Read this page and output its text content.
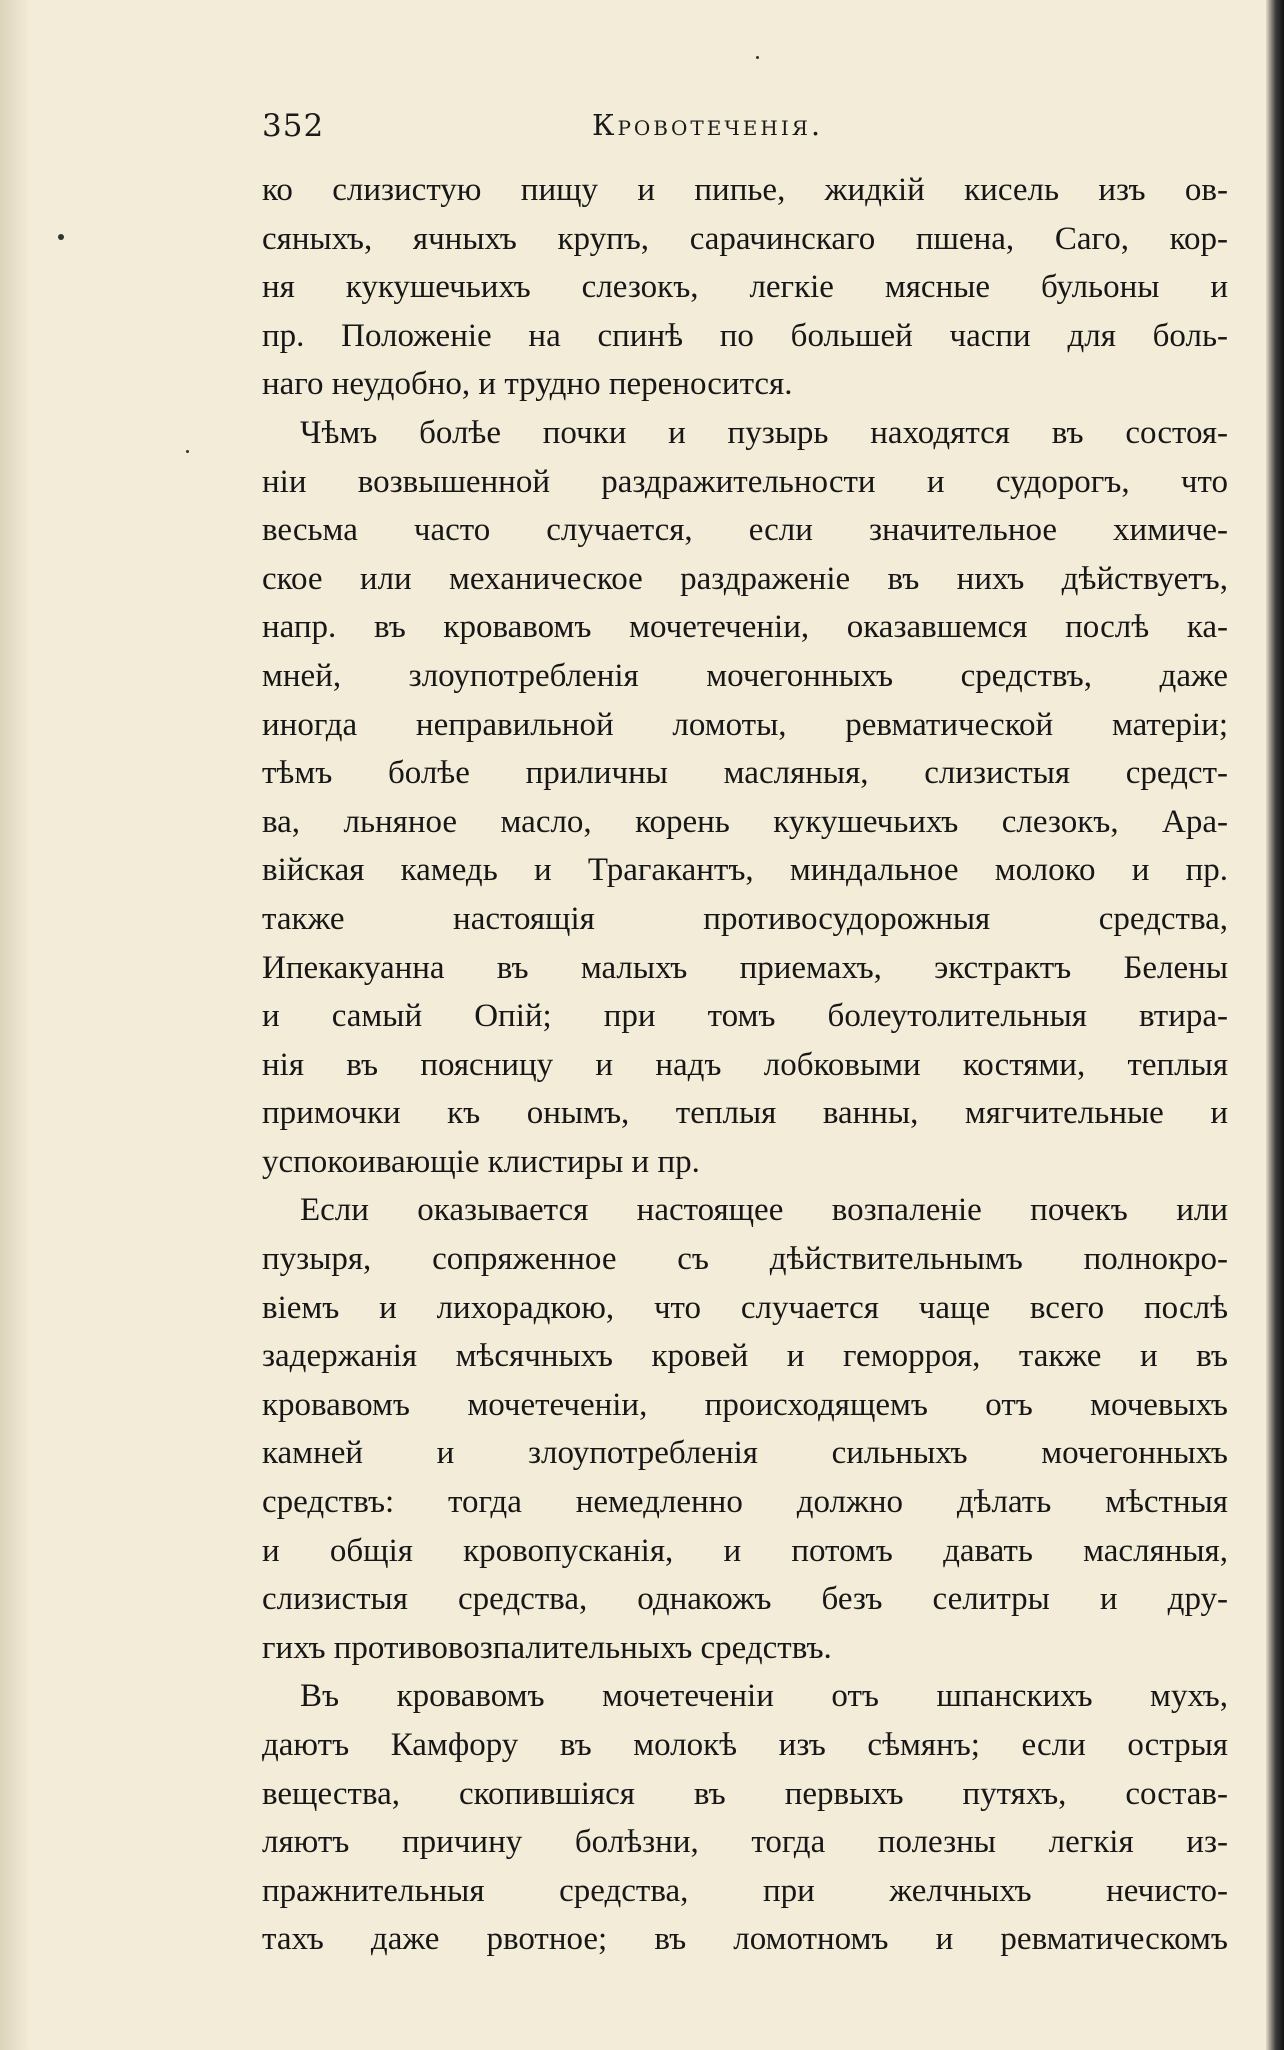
352	Кровотеченія.
ко слизистую пищу и пипье, жидкій кисель изъ ов-
сяныхъ, ячныхъ крупъ, сарачинскаго пшена, Саго, кор-
ня кукушечьихъ слезокъ, легкіе мясные бульоны и
пр. Положеніе на спинѣ по большей часпи для боль-
наго неудобно, и трудно переносится.
Чѣмъ болѣе почки и пузырь находятся въ состоя-
ніи возвышенной раздражительности и судорогъ, что
весьма часто случается, если значительное химиче-
ское или механическое раздраженіе въ нихъ дѣйствуетъ,
напр. въ кровавомъ мочетеченіи, оказавшемся послѣ ка-
мней, злоупотребленія мочегонныхъ средствъ, даже
иногда неправильной ломоты, ревматической матеріи;
тѣмъ болѣе приличны масляныя, слизистыя средст-
ва, льняное масло, корень кукушечьихъ слезокъ, Ара-
війская камедь и Трагакантъ, миндальное молоко и пр.
также настоящія противосудорожныя средства,
Ипекакуанна въ малыхъ приемахъ, экстрактъ Белены
и самый Опій; при томъ болеутолительныя втира-
нія въ поясницу и надъ лобковыми костями, теплыя
примочки къ онымъ, теплыя ванны, мягчительные и
успокоивающіе клистиры и пр.
Если оказывается настоящее возпаленіе почекъ или
пузыря, сопряженное съ дѣйствительнымъ полнокро-
віемъ и лихорадкою, что случается чаще всего послѣ
задержанія мѣсячныхъ кровей и геморроя, также и въ
кровавомъ мочетеченіи, происходящемъ отъ мочевыхъ
камней и злоупотребленія сильныхъ мочегонныхъ
средствъ: тогда немедленно должно дѣлать мѣстныя
и общія кровопусканія, и потомъ давать масляныя,
слизистыя средства, однакожъ безъ селитры и дру-
гихъ противовозпалительныхъ средствъ.
Въ кровавомъ мочетеченіи отъ шпанскихъ мухъ,
даютъ Камфору въ молокѣ изъ сѣмянъ; если острыя
вещества, скопившіяся въ первыхъ путяхъ, состав-
ляютъ причину болѣзни, тогда полезны легкія из-
пражнительныя средства, при желчныхъ нечисто-
тахъ даже рвотное; въ ломотномъ и ревматическомъ
